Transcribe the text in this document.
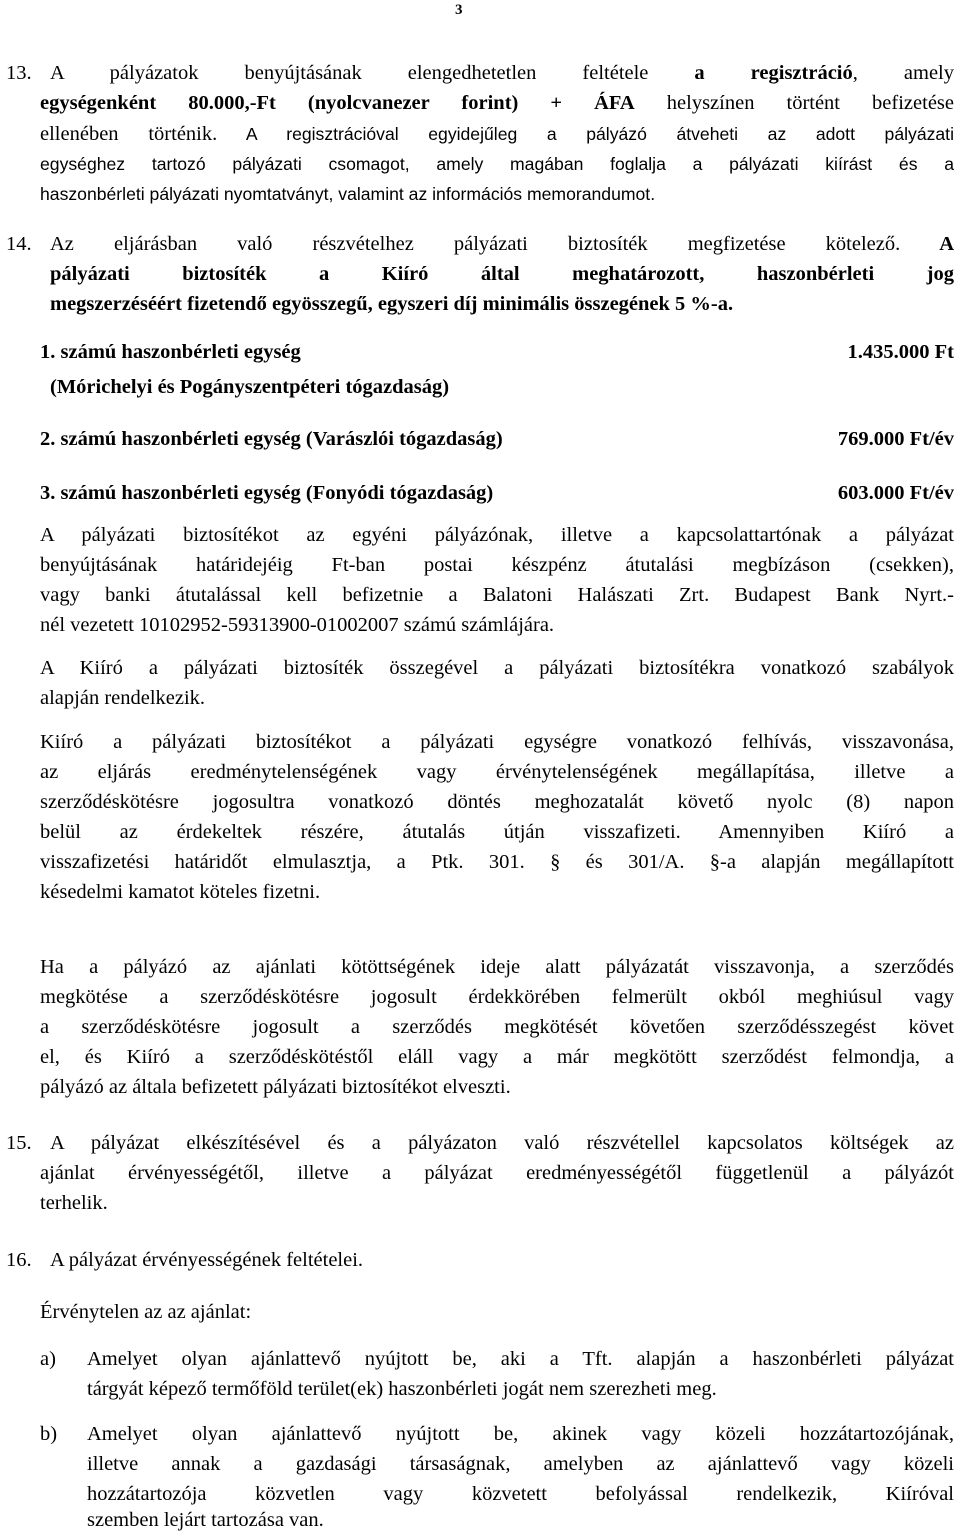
3
13. A pályázatok benyújtásának elengedhetetlen feltétele a regisztráció, amely
egységenként 80.000,-Ft (nyolcvanezer forint) + ÁFA helyszínen történt befizetése
ellenében történik. A regisztrációval egyidejűleg a pályázó átveheti az adott pályázati
egységhez tartozó pályázati csomagot, amely magában foglalja a pályázati kiírást és a
haszonbérleti pályázati nyomtatványt, valamint az információs memorandumot.
14. Az eljárásban való részvételhez pályázati biztosíték megfizetése kötelező. A
pályázati biztosíték a Kiíró által meghatározott, haszonbérleti jog
megszerzéséért fizetendő egyösszegű, egyszeri díj minimális összegének 5 %-a.
1. számú haszonbérleti egység	1.435.000 Ft
(Mórichelyi és Pogányszentpéteri tógazdaság)
2. számú haszonbérleti egység (Varászlói tógazdaság)	769.000 Ft/év
3. számú haszonbérleti egység (Fonyódi tógazdaság)	603.000 Ft/év
A pályázati biztosítékot az egyéni pályázónak, illetve a kapcsolattartónak a pályázat
benyújtásának határidejéig Ft-ban postai készpénz átutalási megbízáson (csekken),
vagy banki átutalással kell befizetnie a Balatoni Halászati Zrt. Budapest Bank Nyrt.-
nél vezetett 10102952-59313900-01002007 számú számlájára.
A Kiíró a pályázati biztosíték összegével a pályázati biztosítékra vonatkozó szabályok
alapján rendelkezik.
Kiíró a pályázati biztosítékot a pályázati egységre vonatkozó felhívás, visszavonása,
az eljárás eredménytelenségének vagy érvénytelenségének megállapítása, illetve a
szerződéskötésre jogosultra vonatkozó döntés meghozatalát követő nyolc (8) napon
belül az érdekeltek részére, átutalás útján visszafizeti. Amennyiben Kiíró a
visszafizetési határidőt elmulasztja, a Ptk. 301. § és 301/A. §-a alapján megállapított
késedelmi kamatot köteles fizetni.
Ha a pályázó az ajánlati kötöttségének ideje alatt pályázatát visszavonja, a szerződés
megkötése a szerződéskötésre jogosult érdekkörében felmerült okból meghiúsul vagy
a szerződéskötésre jogosult a szerződés megkötését követően szerződésszegést követ
el, és Kiíró a szerződéskötéstől eláll vagy a már megkötött szerződést felmondja, a
pályázó az általa befizetett pályázati biztosítékot elveszti.
15. A pályázat elkészítésével és a pályázaton való részvétellel kapcsolatos költségek az
ajánlat érvényességétől, illetve a pályázat eredményességétől függetlenül a pályázót
terhelik.
16. A pályázat érvényességének feltételei.
Érvénytelen az az ajánlat:
a) Amelyet olyan ajánlattevő nyújtott be, aki a Tft. alapján a haszonbérleti pályázat
tárgyát képező termőföld terület(ek) haszonbérleti jogát nem szerezheti meg.
b) Amelyet olyan ajánlattevő nyújtott be, akinek vagy közeli hozzátartozójának,
illetve annak a gazdasági társaságnak, amelyben az ajánlattevő vagy közeli
hozzátartozója közvetlen vagy közvetett befolyással rendelkezik, Kiíróval
szemben lejárt tartozása van.
